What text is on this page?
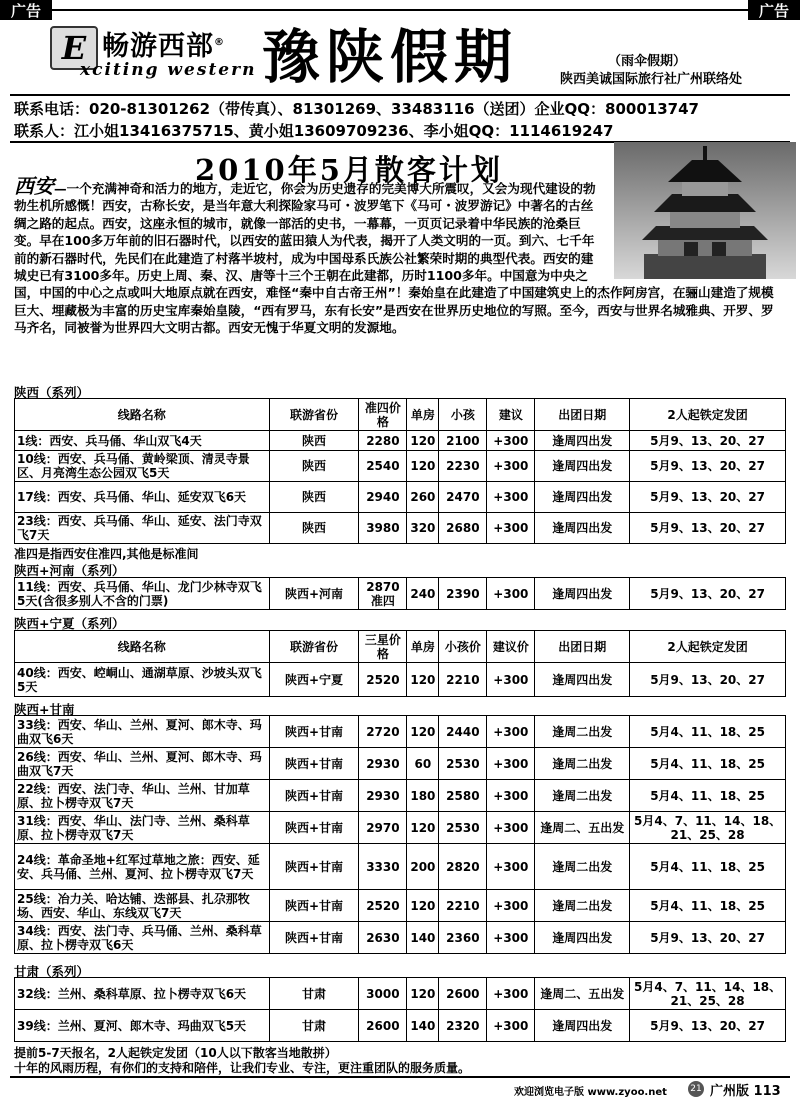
广告	广告
E 畅游西部®
xciting western 豫陕假期	（雨伞假期）
陕西美诚国际旅行社广州联络处
联系电话：020-81301262（带传真）、81301269、33483116（送团）企业QQ：800013747
联系人：江小姐13416375715、黄小姐13609709236、李小姐QQ：1114619247
2010年5月散客计划
西安—一个充满神奇和活力的地方，走近它，你会为历史遗存的完美博大所震叹，又会为现代建设的勃勃生机所感慨！西安，古称长安，是当年意大利探险家马可・波罗笔下《马可・波罗游记》中著名的古丝绸之路的起点。西安，这座永恒的城市，就像一部活的史书，一幕幕，一页页记录着中华民族的沧桑巨变。早在100多万年前的旧石器时代，以西安的蓝田猿人为代表，揭开了人类文明的一页。到六、七千年前的新石器时代，先民们在此建造了村落半坡村，成为中国母系氏族公社繁荣时期的典型代表。西安的建城史已有3100多年。历史上周、秦、汉、唐等十三个王朝在此建都，历时1100多年。中国意为中央之国，中国的中心之点或叫大地原点就在西安，难怪“秦中自古帝王州”！秦始皇在此建造了中国建筑史上的杰作阿房宫，在骊山建造了规模巨大、埋藏极为丰富的历史宝库秦始皇陵，“西有罗马，东有长安”是西安在世界历史地位的写照。至今，西安与世界名城雅典、开罗、罗马齐名，同被誉为世界四大文明古都。西安无愧于华夏文明的发源地。
陕西（系列）
线路名称	联游省份	准四价格	单房	小孩	建议	出团日期	2人起铁定发团
1线：西安、兵马俑、华山双飞4天	陕西	2280	120	2100	+300	逢周四出发	5月9、13、20、27
10线：西安、兵马俑、黄岭梁顶、清灵寺景区、月亮湾生态公园双飞5天	陕西	2540	120	2230	+300	逢周四出发	5月9、13、20、27
17线：西安、兵马俑、华山、延安双飞6天	陕西	2940	260	2470	+300	逢周四出发	5月9、13、20、27
23线：西安、兵马俑、华山、延安、法门寺双飞7天	陕西	3980	320	2680	+300	逢周四出发	5月9、13、20、27
准四是指西安住准四,其他是标准间
陕西+河南（系列）
11线：西安、兵马俑、华山、龙门少林寺双飞5天(含很多别人不含的门票)	陕西+河南	2870准四	240	2390	+300	逢周四出发	5月9、13、20、27
陕西+宁夏（系列）
线路名称	联游省份	三星价格	单房	小孩价	建议价	出团日期	2人起铁定发团
40线：西安、崆峒山、通湖草原、沙坡头双飞5天	陕西+宁夏	2520	120	2210	+300	逢周四出发	5月9、13、20、27
陕西+甘南
33线：西安、华山、兰州、夏河、郎木寺、玛曲双飞6天	陕西+甘南	2720	120	2440	+300	逢周二出发	5月4、11、18、25
26线：西安、华山、兰州、夏河、郎木寺、玛曲双飞7天	陕西+甘南	2930	60	2530	+300	逢周二出发	5月4、11、18、25
22线：西安、法门寺、华山、兰州、甘加草原、拉卜楞寺双飞7天	陕西+甘南	2930	180	2580	+300	逢周二出发	5月4、11、18、25
31线：西安、华山、法门寺、兰州、桑科草原、拉卜楞寺双飞7天	陕西+甘南	2970	120	2530	+300	逢周二、五出发	5月4、7、11、14、18、21、25、28
24线：革命圣地+红军过草地之旅：西安、延安、兵马俑、兰州、夏河、拉卜楞寺双飞7天	陕西+甘南	3330	200	2820	+300	逢周二出发	5月4、11、18、25
25线：冶力关、哈达铺、迭部县、扎尕那牧场、西安、华山、东线双飞7天	陕西+甘南	2520	120	2210	+300	逢周二出发	5月4、11、18、25
34线：西安、法门寺、兵马俑、兰州、桑科草原、拉卜楞寺双飞6天	陕西+甘南	2630	140	2360	+300	逢周四出发	5月9、13、20、27
甘肃（系列）
32线：兰州、桑科草原、拉卜楞寺双飞6天	甘肃	3000	120	2600	+300	逢周二、五出发	5月4、7、11、14、18、21、25、28
39线：兰州、夏河、郎木寺、玛曲双飞5天	甘肃	2600	140	2320	+300	逢周四出发	5月9、13、20、27
提前5-7天报名，2人起铁定发团（10人以下散客当地散拼）
十年的风雨历程，有你们的支持和陪伴，让我们专业、专注，更注重团队的服务质量。
欢迎浏览电子版 www.zyoo.net	21 广州版 113
